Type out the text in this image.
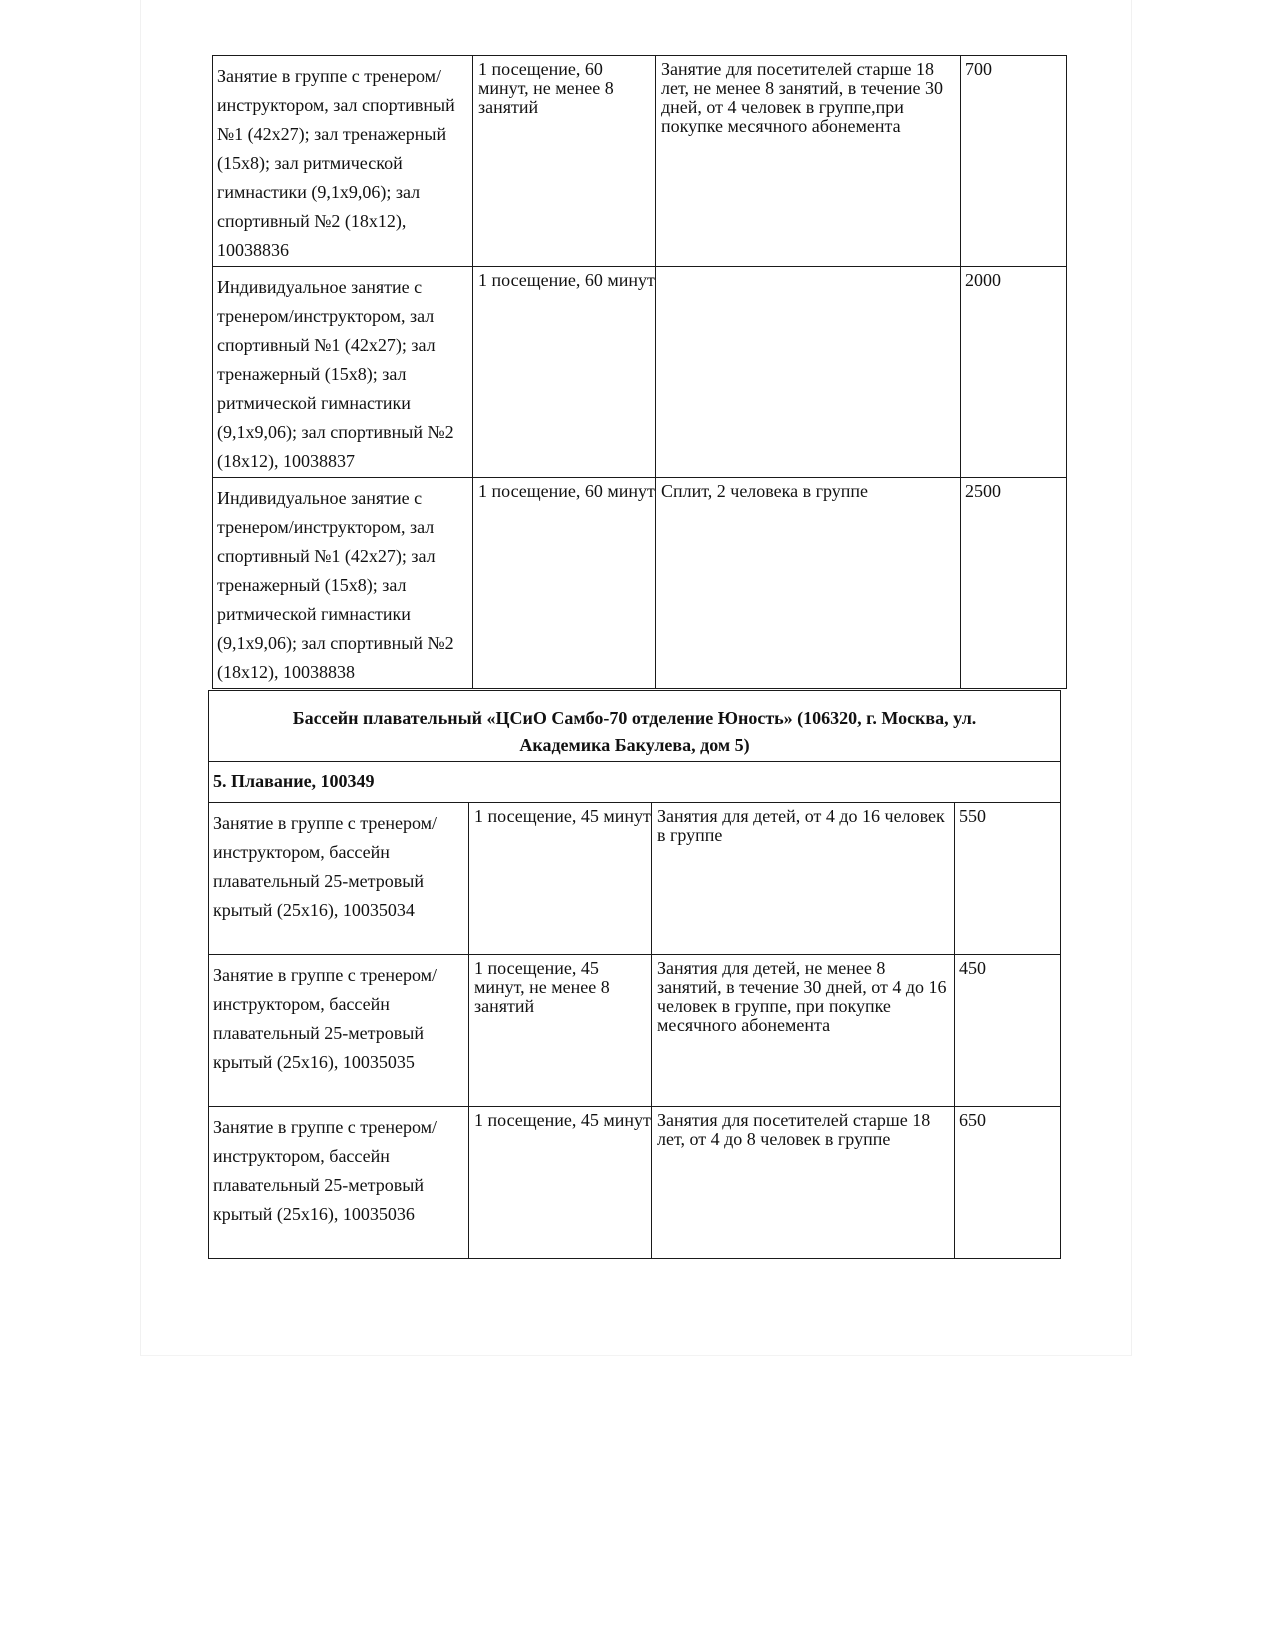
Занятие в группе с тренером/инструктором, зал спортивный №1 (42х27); зал тренажерный (15х8); зал ритмической гимнастики (9,1х9,06); зал спортивный №2 (18х12), 10038836	1 посещение, 60 минут, не менее 8 занятий	Занятие для посетителей старше 18 лет, не менее 8 занятий, в течение 30 дней, от 4 человек в группе,при покупке месячного абонемента	700

Индивидуальное занятие с тренером/инструктором, зал спортивный №1 (42х27); зал тренажерный (15х8); зал ритмической гимнастики (9,1х9,06); зал спортивный №2 (18х12), 10038837	1 посещение, 60 минут		2000

Индивидуальное занятие с тренером/инструктором, зал спортивный №1 (42х27); зал тренажерный (15х8); зал ритмической гимнастики (9,1х9,06); зал спортивный №2 (18х12), 10038838	1 посещение, 60 минут	Сплит, 2 человека в группе	2500
Бассейн плавательный «ЦСиО Самбо-70 отделение Юность» (106320, г. Москва, ул. Академика Бакулева, дом 5)			

5. Плавание, 100349			

Занятие в группе с тренером/инструктором, бассейн плавательный 25-метровый крытый (25х16), 10035034	1 посещение, 45 минут	Занятия для детей, от 4 до 16 человек в группе	550

Занятие в группе с тренером/инструктором, бассейн плавательный 25-метровый крытый (25х16), 10035035	1 посещение, 45 минут, не менее 8 занятий	Занятия для детей, не менее 8 занятий, в течение 30 дней, от 4 до 16 человек в группе, при покупке месячного абонемента	450

Занятие в группе с тренером/инструктором, бассейн плавательный 25-метровый крытый (25х16), 10035036	1 посещение, 45 минут	Занятия для посетителей старше 18 лет, от 4 до 8 человек в группе	650
